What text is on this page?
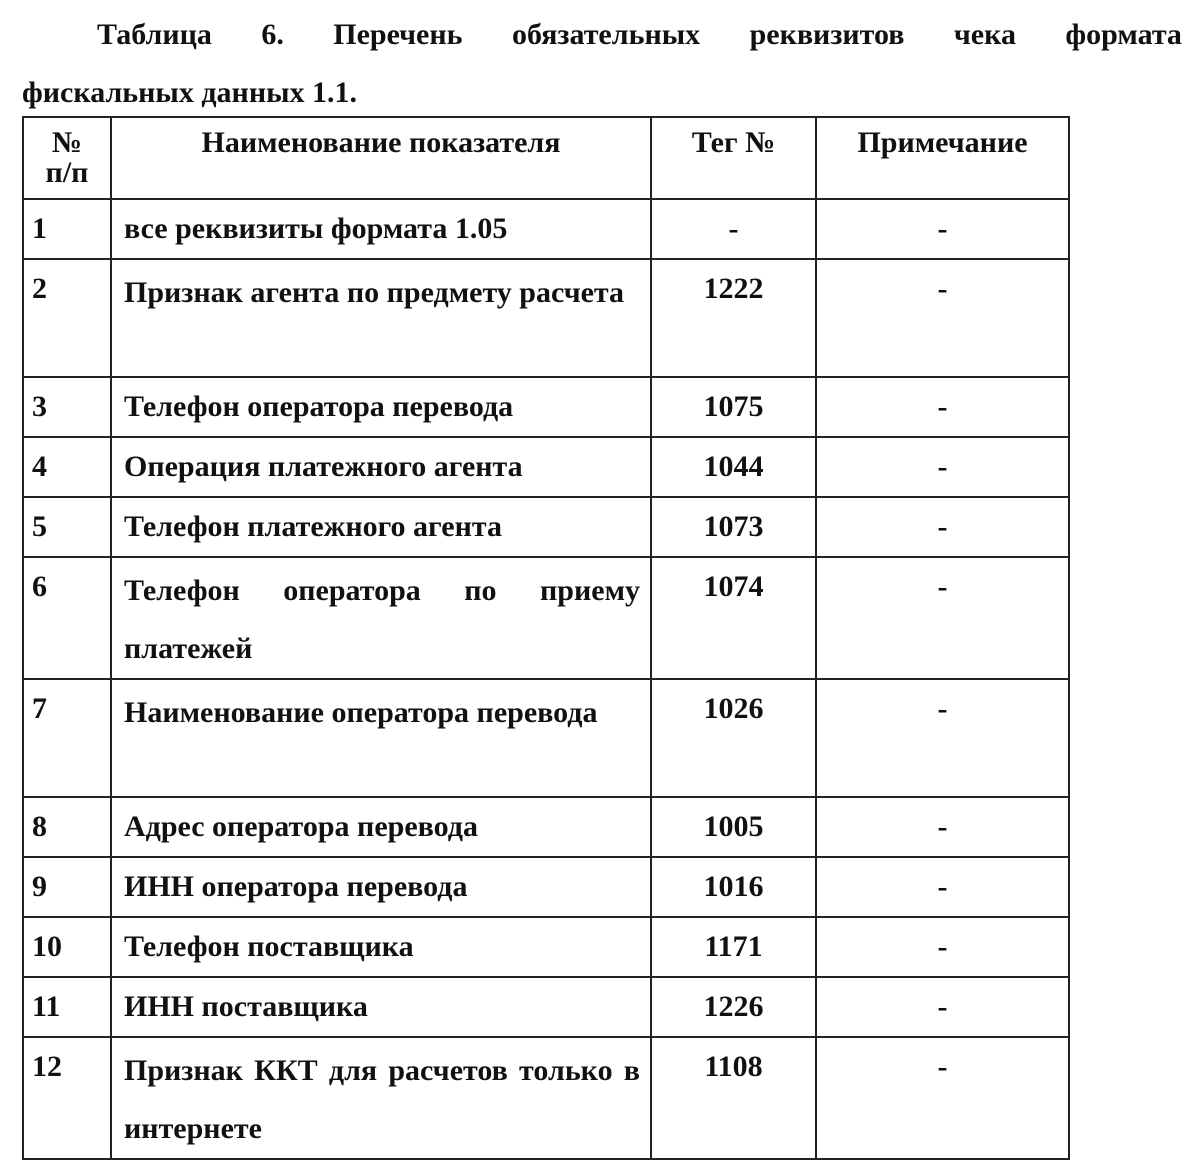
Таблица 6. Перечень обязательных реквизитов чека формата
фискальных данных 1.1.
№ п/п	Наименование показателя	Тег №	Примечание
1	все реквизиты формата 1.05	-	-
2	Признак агента по предмету расчета	1222	-
3	Телефон оператора перевода	1075	-
4	Операция платежного агента	1044	-
5	Телефон платежного агента	1073	-
6	Телефон оператора по приему платежей	1074	-
7	Наименование оператора перевода	1026	-
8	Адрес оператора перевода	1005	-
9	ИНН оператора перевода	1016	-
10	Телефон поставщика	1171	-
11	ИНН поставщика	1226	-
12	Признак ККТ для расчетов только в интернете	1108	-
